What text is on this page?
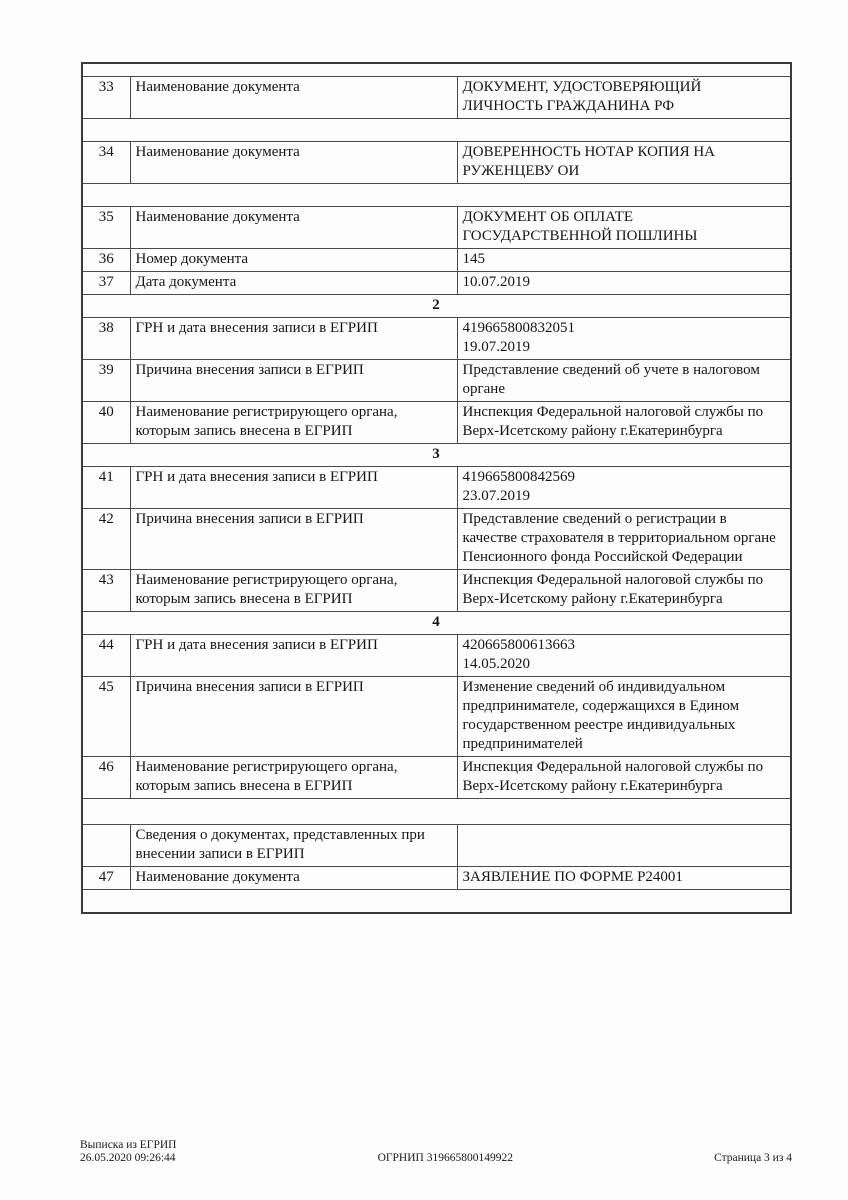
33	Наименование документа	ДОКУМЕНТ, УДОСТОВЕРЯЮЩИЙ ЛИЧНОСТЬ ГРАЖДАНИНА РФ

34	Наименование документа	ДОВЕРЕННОСТЬ НОТАР КОПИЯ НА РУЖЕНЦЕВУ ОИ

35	Наименование документа	ДОКУМЕНТ ОБ ОПЛАТЕ ГОСУДАРСТВЕННОЙ ПОШЛИНЫ

36	Номер документа	145

37	Дата документа	10.07.2019

2		
38	ГРН и дата внесения записи в ЕГРИП	419665800832051
19.07.2019

39	Причина внесения записи в ЕГРИП	Представление сведений об учете в налоговом органе

40	Наименование регистрирующего органа, которым запись внесена в ЕГРИП	Инспекция Федеральной налоговой службы по Верх-Исетскому району г.Екатеринбурга

3		
41	ГРН и дата внесения записи в ЕГРИП	419665800842569
23.07.2019

42	Причина внесения записи в ЕГРИП	Представление сведений о регистрации в качестве страхователя в территориальном органе Пенсионного фонда Российской Федерации

43	Наименование регистрирующего органа, которым запись внесена в ЕГРИП	Инспекция Федеральной налоговой службы по Верх-Исетскому району г.Екатеринбурга

4		
44	ГРН и дата внесения записи в ЕГРИП	420665800613663
14.05.2020

45	Причина внесения записи в ЕГРИП	Изменение сведений об индивидуальном предпринимателе, содержащихся в Едином государственном реестре индивидуальных предпринимателей

46	Наименование регистрирующего органа, которым запись внесена в ЕГРИП	Инспекция Федеральной налоговой службы по Верх-Исетскому району г.Екатеринбурга

	Сведения о документах, представленных при внесении записи в ЕГРИП	
47	Наименование документа	ЗАЯВЛЕНИЕ ПО ФОРМЕ Р24001

Выписка из ЕГРИП
26.05.2020 09:26:44	ОГРНИП 319665800149922	Страница 3 из 4
